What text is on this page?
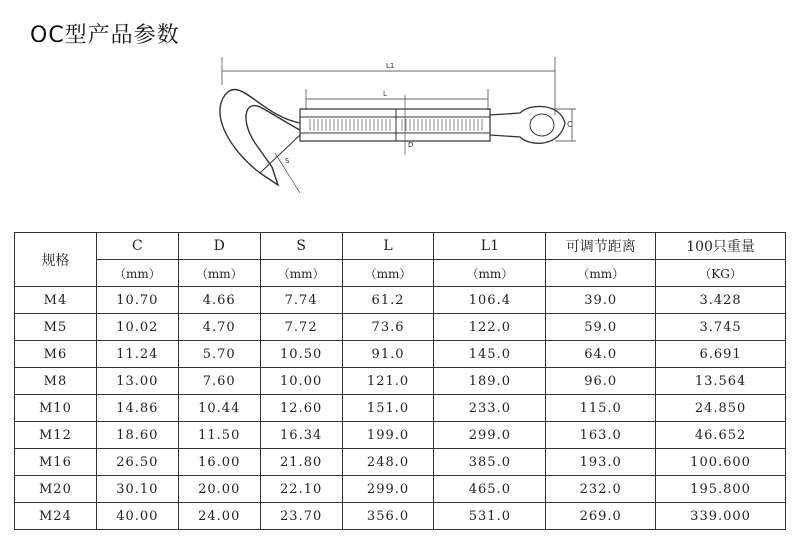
OC型产品参数
L1
L
C
D
S
规格	C	D	S	L	L1	可调节距离	100只重量
	（mm）	（mm）	（mm）	（mm）	（mm）	（mm）	（KG）
M4	10.70	4.66	7.74	61.2	106.4	39.0	3.428
M5	10.02	4.70	7.72	73.6	122.0	59.0	3.745
M6	11.24	5.70	10.50	91.0	145.0	64.0	6.691
M8	13.00	7.60	10.00	121.0	189.0	96.0	13.564
M10	14.86	10.44	12.60	151.0	233.0	115.0	24.850
M12	18.60	11.50	16.34	199.0	299.0	163.0	46.652
M16	26.50	16.00	21.80	248.0	385.0	193.0	100.600
M20	30.10	20.00	22.10	299.0	465.0	232.0	195.800
M24	40.00	24.00	23.70	356.0	531.0	269.0	339.000
